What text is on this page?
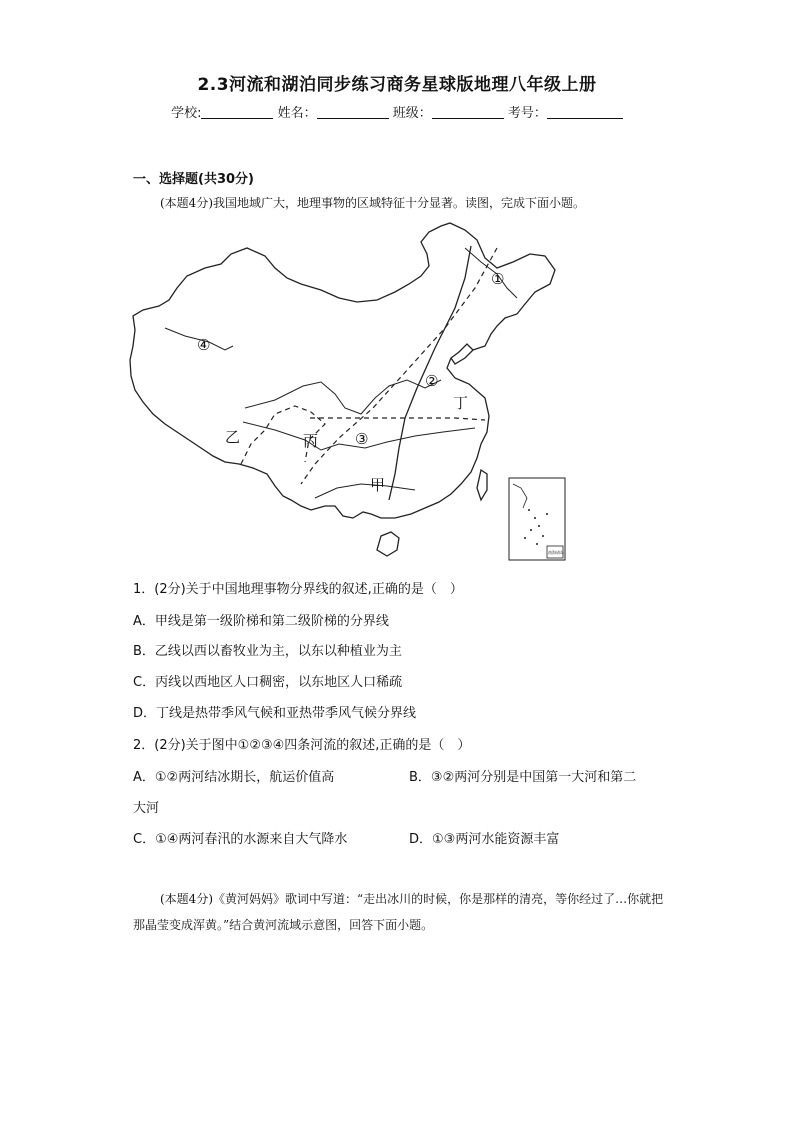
2.3河流和湖泊同步练习商务星球版地理八年级上册
学校:	姓名：	班级：	考号：
一、选择题(共30分)
(本题4分)我国地域广大，地理事物的区域特征十分显著。读图，完成下面小题。
①
②
③
④
甲
乙	丙
丁
南海诸岛
1．(2分)关于中国地理事物分界线的叙述,正确的是（　）
A．甲线是第一级阶梯和第二级阶梯的分界线
B．乙线以西以畜牧业为主，以东以种植业为主
C．丙线以西地区人口稠密，以东地区人口稀疏
D．丁线是热带季风气候和亚热带季风气候分界线
2．(2分)关于图中①②③④四条河流的叙述,正确的是（　）
A．①②两河结冰期长，航运价值高	B．③②两河分别是中国第一大河和第二
大河
C．①④两河春汛的水源来自大气降水	D．①③两河水能资源丰富
(本题4分)《黄河妈妈》歌词中写道：“走出冰川的时候，你是那样的清亮，等你经过了…你就把那晶莹变成浑黄。”结合黄河流域示意图，回答下面小题。
